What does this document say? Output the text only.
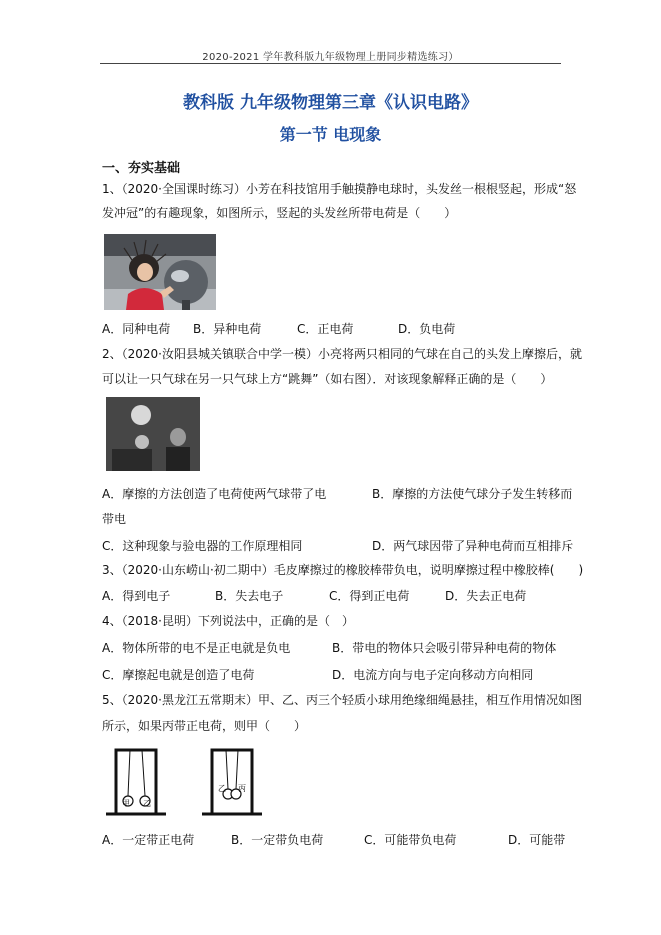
2020-2021 学年教科版九年级物理上册同步精选练习）
教科版 九年级物理第三章《认识电路》
第一节 电现象
一、夯实基础
1、（2020·全国课时练习）小芳在科技馆用手触摸静电球时，头发丝一根根竖起，形成“怒
发冲冠”的有趣现象，如图所示，竖起的头发丝所带电荷是（　　）
A．同种电荷 B．异种电荷	C．正电荷	D．负电荷
2、（2020·汝阳县城关镇联合中学一模）小亮将两只相同的气球在自己的头发上摩擦后，就
可以让一只气球在另一只气球上方“跳舞”（如右图）．对该现象解释正确的是（　　）
A．摩擦的方法创造了电荷使两气球带了电	B．摩擦的方法使气球分子发生转移而
带电
C．这种现象与验电器的工作原理相同	D．两气球因带了异种电荷而互相排斥
3、（2020·山东崂山·初二期中）毛皮摩擦过的橡胶棒带负电，说明摩擦过程中橡胶棒(　　)
A．得到电子	B．失去电子	C．得到正电荷	D．失去正电荷
4、（2018·昆明）下列说法中，正确的是（　）
A．物体所带的电不是正电就是负电	B．带电的物体只会吸引带异种电荷的物体
C．摩擦起电就是创造了电荷	D．电流方向与电子定向移动方向相同
5、（2020·黑龙江五常期末）甲、乙、丙三个轻质小球用绝缘细绳悬挂，相互作用情况如图
所示，如果丙带正电荷，则甲（　　）
甲 乙
乙 丙
A．一定带正电荷	B．一定带负电荷	C．可能带负电荷	D．可能带
